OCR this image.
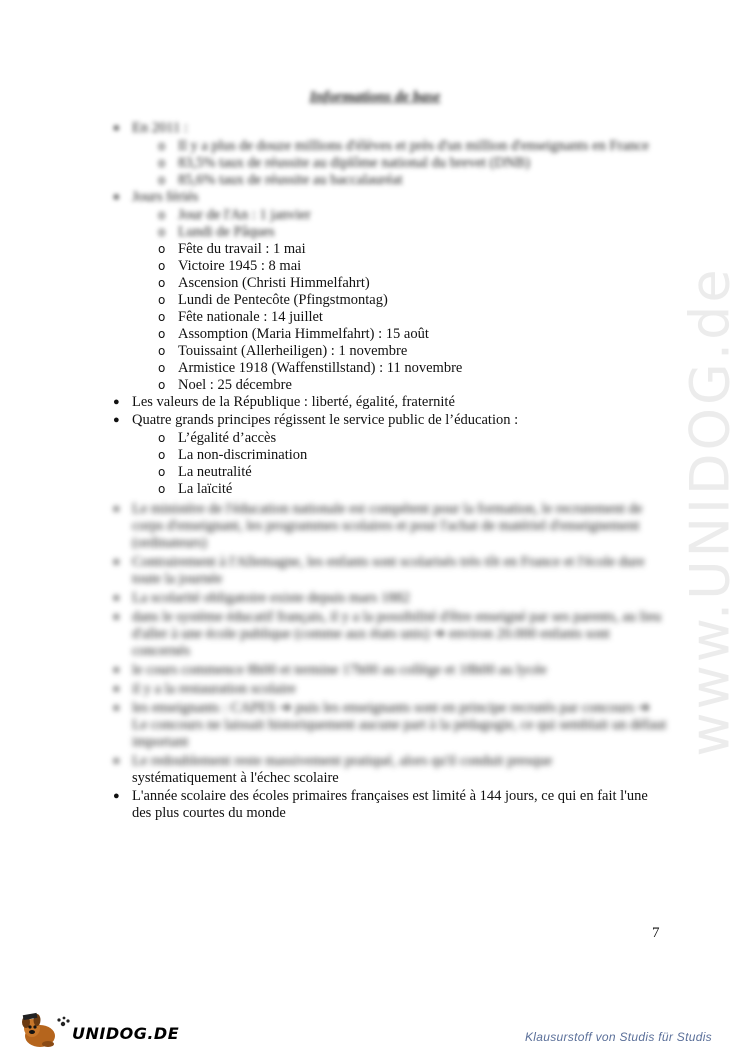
www.UNIDOG.de
Informations de base
● En 2011 :
o Il y a plus de douze millions d'élèves et près d'un million d'enseignants en France
o 83,5% taux de réussite au diplôme national du brevet (DNB)
o 85,6% taux de réussite au baccalauréat
● Jours fériés
o Jour de l'An : 1 janvier
o Lundi de Pâques
o Fête du travail : 1 mai
o Victoire 1945 : 8 mai
o Ascension (Christi Himmelfahrt)
o Lundi de Pentecôte (Pfingstmontag)
o Fête nationale : 14 juillet
o Assomption (Maria Himmelfahrt) : 15 août
o Touissaint (Allerheiligen) : 1 novembre
o Armistice 1918 (Waffenstillstand) : 11 novembre
o Noel : 25 décembre
● Les valeurs de la République : liberté, égalité, fraternité
● Quatre grands principes régissent le service public de l’éducation :
o L’égalité d’accès
o La non-discrimination
o La neutralité
o La laïcité
● Le ministère de l'éducation nationale est compétent pour la formation, le recrutement de corps d'enseignant, les programmes scolaires et pour l'achat de matériel d'enseignement (ordinateurs)
● Contrairement à l'Allemagne, les enfants sont scolarisés très tôt en France et l'école dure toute la journée
● La scolarité obligatoire existe depuis mars 1882
● dans le système éducatif français, il y a la possibilité d'être enseigné par ses parents, au lieu d'aller à une école publique (comme aux états unis) ➔ environ 20.000 enfants sont concernés
● le cours commence 8h00 et termine 17h00 au collège et 18h00 au lycée
● il y a la restauration scolaire
● les enseignants : CAPES ➔ puis les enseignants sont en principe recrutés par concours ➔ Le concours ne laissait historiquement aucune part à la pédagogie, ce qui semblait un défaut important
● Le redoublement reste massivement pratiqué, alors qu'il conduit presque
systématiquement à l'échec scolaire
● L'année scolaire des écoles primaires françaises est limité à 144 jours, ce qui en fait l'une des plus courtes du monde
7
UNIDOG.DE	Klausurstoff von Studis für Studis
